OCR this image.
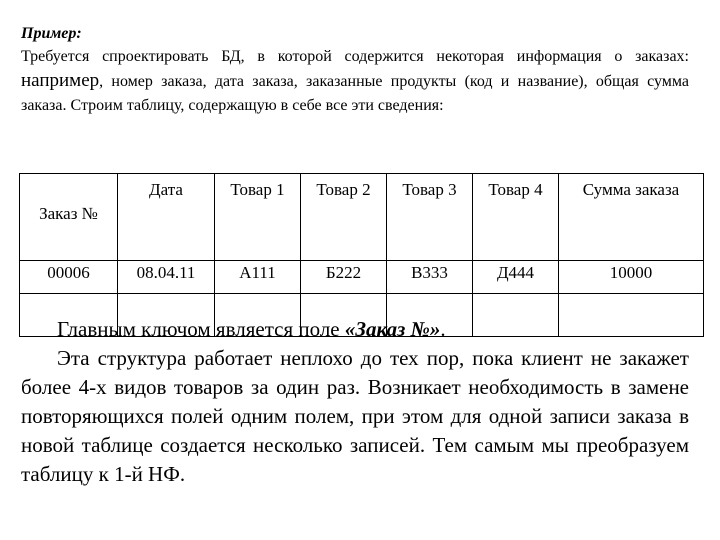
Пример:

Требуется спроектировать БД, в которой содержится некоторая информация о заказах: например, номер заказа, дата заказа, заказанные продукты (код и название), общая сумма заказа. Строим таблицу, содержащую в себе все эти сведения:

Заказ №	Дата	Товар 1	Товар 2	Товар 3	Товар 4	Сумма заказа
00006	08.04.11	А111	Б222	В333	Д444	10000

Главным ключом является поле «Заказ №».

Эта структура работает неплохо до тех пор, пока клиент не закажет более 4-х видов товаров за один раз. Возникает необходимость в замене повторяющихся полей одним полем, при этом для одной записи заказа в новой таблице создается несколько записей. Тем самым мы преобразуем таблицу к 1-й НФ.
